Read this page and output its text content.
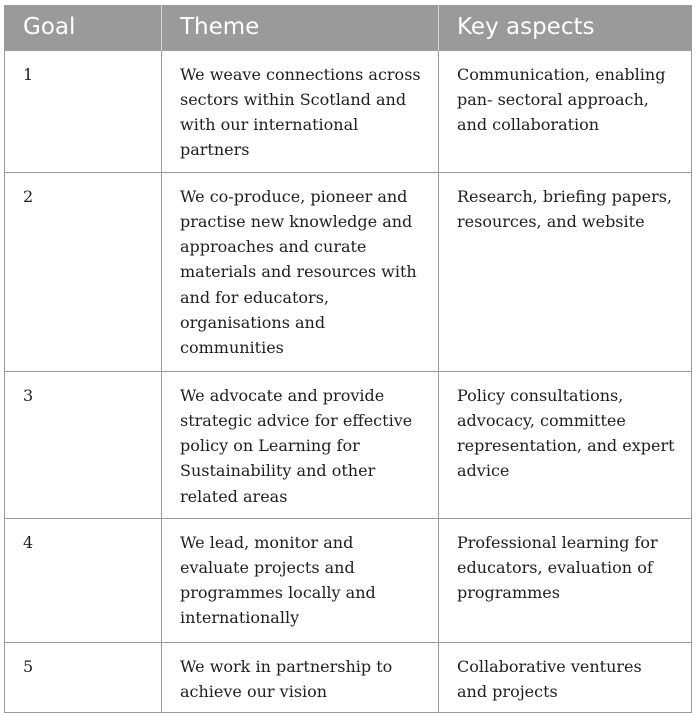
Goal	Theme	Key aspects
1	We weave connections across sectors within Scotland and with our international partners	Communication, enabling pan- sectoral approach, and collaboration
2	We co-produce, pioneer and practise new knowledge and approaches and curate materials and resources with and for educators, organisations and communities	Research, briefing papers, resources, and website
3	We advocate and provide strategic advice for effective policy on Learning for Sustainability and other related areas	Policy consultations, advocacy, committee representation, and expert advice
4	We lead, monitor and evaluate projects and programmes locally and internationally	Professional learning for educators, evaluation of programmes
5	We work in partnership to achieve our vision	Collaborative ventures and projects
